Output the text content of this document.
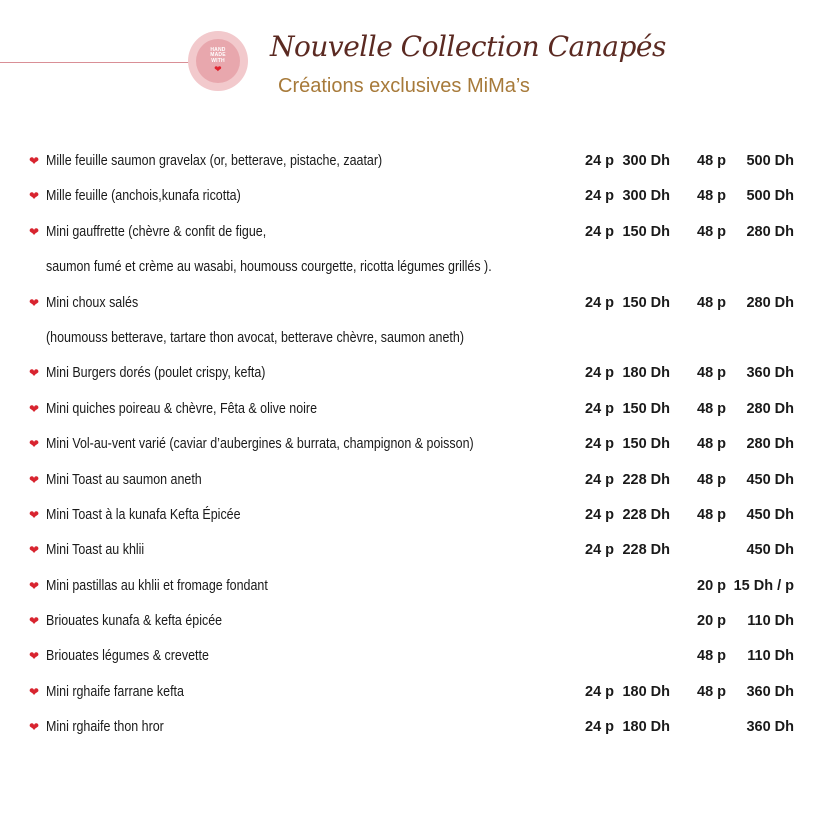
HAND
MADE
WITH
❤
Nouvelle Collection Canapés
Créations exclusives MiMa’s
❤ Mille feuille saumon gravelax (or, betterave, pistache, zaatar)	24 p 300 Dh 48 p 500 Dh
❤ Mille feuille (anchois,kunafa ricotta)	24 p 300 Dh 48 p 500 Dh
❤ Mini gauffrette (chèvre & confit de figue,	24 p 150 Dh 48 p 280 Dh
saumon fumé et crème au wasabi, houmouss courgette, ricotta légumes grillés ).
❤ Mini choux salés	24 p 150 Dh 48 p 280 Dh
(houmouss betterave, tartare thon avocat, betterave chèvre, saumon aneth)
❤ Mini Burgers dorés (poulet crispy, kefta)	24 p 180 Dh 48 p 360 Dh
❤ Mini quiches poireau & chèvre, Fêta & olive noire	24 p 150 Dh 48 p 280 Dh
❤ Mini Vol-au-vent varié (caviar d’aubergines & burrata, champignon & poisson)	24 p 150 Dh 48 p 280 Dh
❤ Mini Toast au saumon aneth	24 p 228 Dh 48 p 450 Dh
❤ Mini Toast à la kunafa Kefta Épicée	24 p 228 Dh 48 p 450 Dh
❤ Mini Toast au khlii	24 p 228 Dh	450 Dh
❤ Mini pastillas au khlii et fromage fondant	20 p 15 Dh / p
❤ Briouates kunafa & kefta épicée	20 p 110 Dh
❤ Briouates légumes & crevette	48 p 110 Dh
❤ Mini rghaife farrane kefta	24 p 180 Dh 48 p 360 Dh
❤ Mini rghaife thon hror	24 p 180 Dh	360 Dh
